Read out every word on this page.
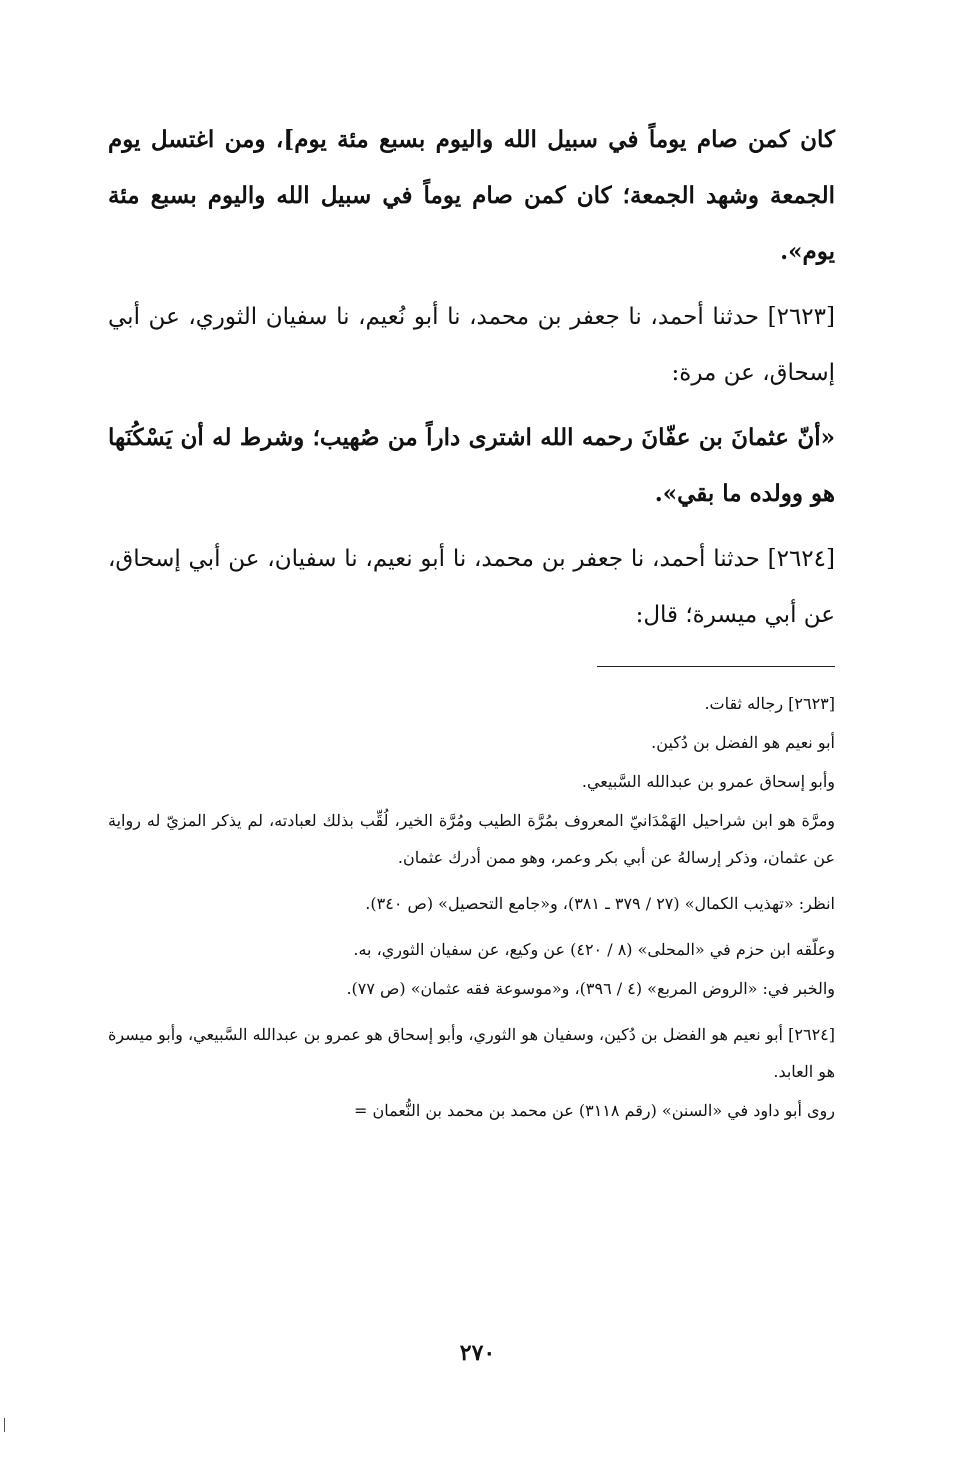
كان كمن صام يوماً في سبيل الله واليوم بسبع مئة يوم]، ومن اغتسل يوم الجمعة وشهد الجمعة؛ كان كمن صام يوماً في سبيل الله واليوم بسبع مئة يوم».

[٢٦٢٣] حدثنا أحمد، نا جعفر بن محمد، نا أبو نُعيم، نا سفيان الثوري، عن أبي إسحاق، عن مرة:

«أنّ عثمانَ بن عفّانَ رحمه الله اشترى داراً من صُهيب؛ وشرط له أن يَسْكُنَها هو وولده ما بقي».

[٢٦٢٤] حدثنا أحمد، نا جعفر بن محمد، نا أبو نعيم، نا سفيان، عن أبي إسحاق، عن أبي ميسرة؛ قال:

[٢٦٢٣] رجاله ثقات.

أبو نعيم هو الفضل بن دُكين.

وأبو إسحاق عمرو بن عبدالله السَّبيعي.

ومرَّة هو ابن شراحيل الهَمْدَانيّ المعروف بمُرَّة الطيب ومُرَّة الخير، لُقِّب بذلك لعبادته، لم يذكر المزيّ له رواية عن عثمان، وذكر إرسالهُ عن أبي بكر وعمر، وهو ممن أدرك عثمان.

انظر: «تهذيب الكمال» (٢٧ / ٣٧٩ ـ ٣٨١)، و«جامع التحصيل» (ص ٣٤٠).

وعلّقه ابن حزم في «المحلى» (٨ / ٤٢٠) عن وكيع، عن سفيان الثوري، به.

والخبر في: «الروض المربع» (٤ / ٣٩٦)، و«موسوعة فقه عثمان» (ص ٧٧).

[٢٦٢٤] أبو نعيم هو الفضل بن دُكين، وسفيان هو الثوري، وأبو إسحاق هو عمرو بن عبدالله السَّبيعي، وأبو ميسرة هو العابد.

روى أبو داود في «السنن» (رقم ٣١١٨) عن محمد بن محمد بن النُّعمان =

٢٧٠
